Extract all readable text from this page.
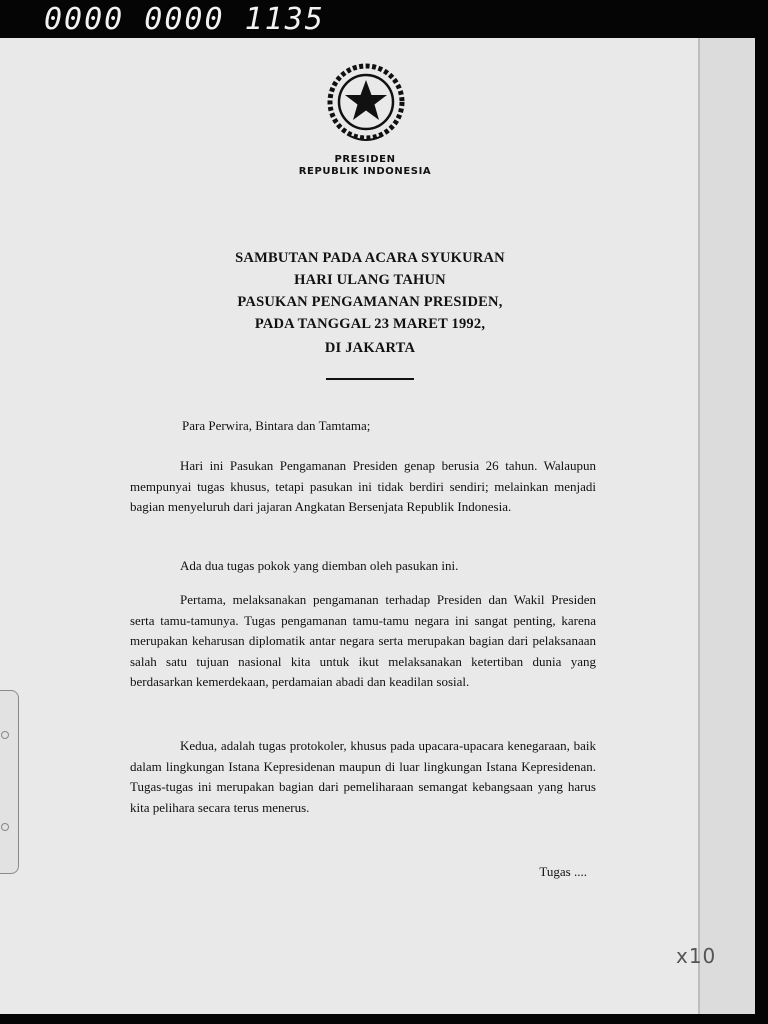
0000 0000 1135
PRESIDEN
REPUBLIK INDONESIA
SAMBUTAN PADA ACARA SYUKURAN
HARI ULANG TAHUN
PASUKAN PENGAMANAN PRESIDEN,
PADA TANGGAL 23 MARET 1992,
DI JAKARTA
Para Perwira, Bintara dan Tamtama;

Hari ini Pasukan Pengamanan Presiden genap berusia 26 tahun. Walaupun mempunyai tugas khusus, tetapi pasukan ini tidak berdiri sendiri; melainkan menjadi bagian menyeluruh dari jajaran Angkatan Bersenjata Republik Indonesia.

Ada dua tugas pokok yang diemban oleh pasukan ini.

Pertama, melaksanakan pengamanan terhadap Presiden dan Wakil Presiden serta tamu-tamunya. Tugas pengamanan tamu-tamu negara ini sangat penting, karena merupakan keharusan diplomatik antar negara serta merupakan bagian dari pelaksanaan salah satu tujuan nasional kita untuk ikut melaksanakan ketertiban dunia yang berdasarkan kemerdekaan, perdamaian abadi dan keadilan sosial.

Kedua, adalah tugas protokoler, khusus pada upacara-upacara kenegaraan, baik dalam lingkungan Istana Kepresidenan maupun di luar lingkungan Istana Kepresidenan. Tugas-tugas ini merupakan bagian dari pemeliharaan semangat kebangsaan yang harus kita pelihara secara terus menerus.

Tugas ....
x10
